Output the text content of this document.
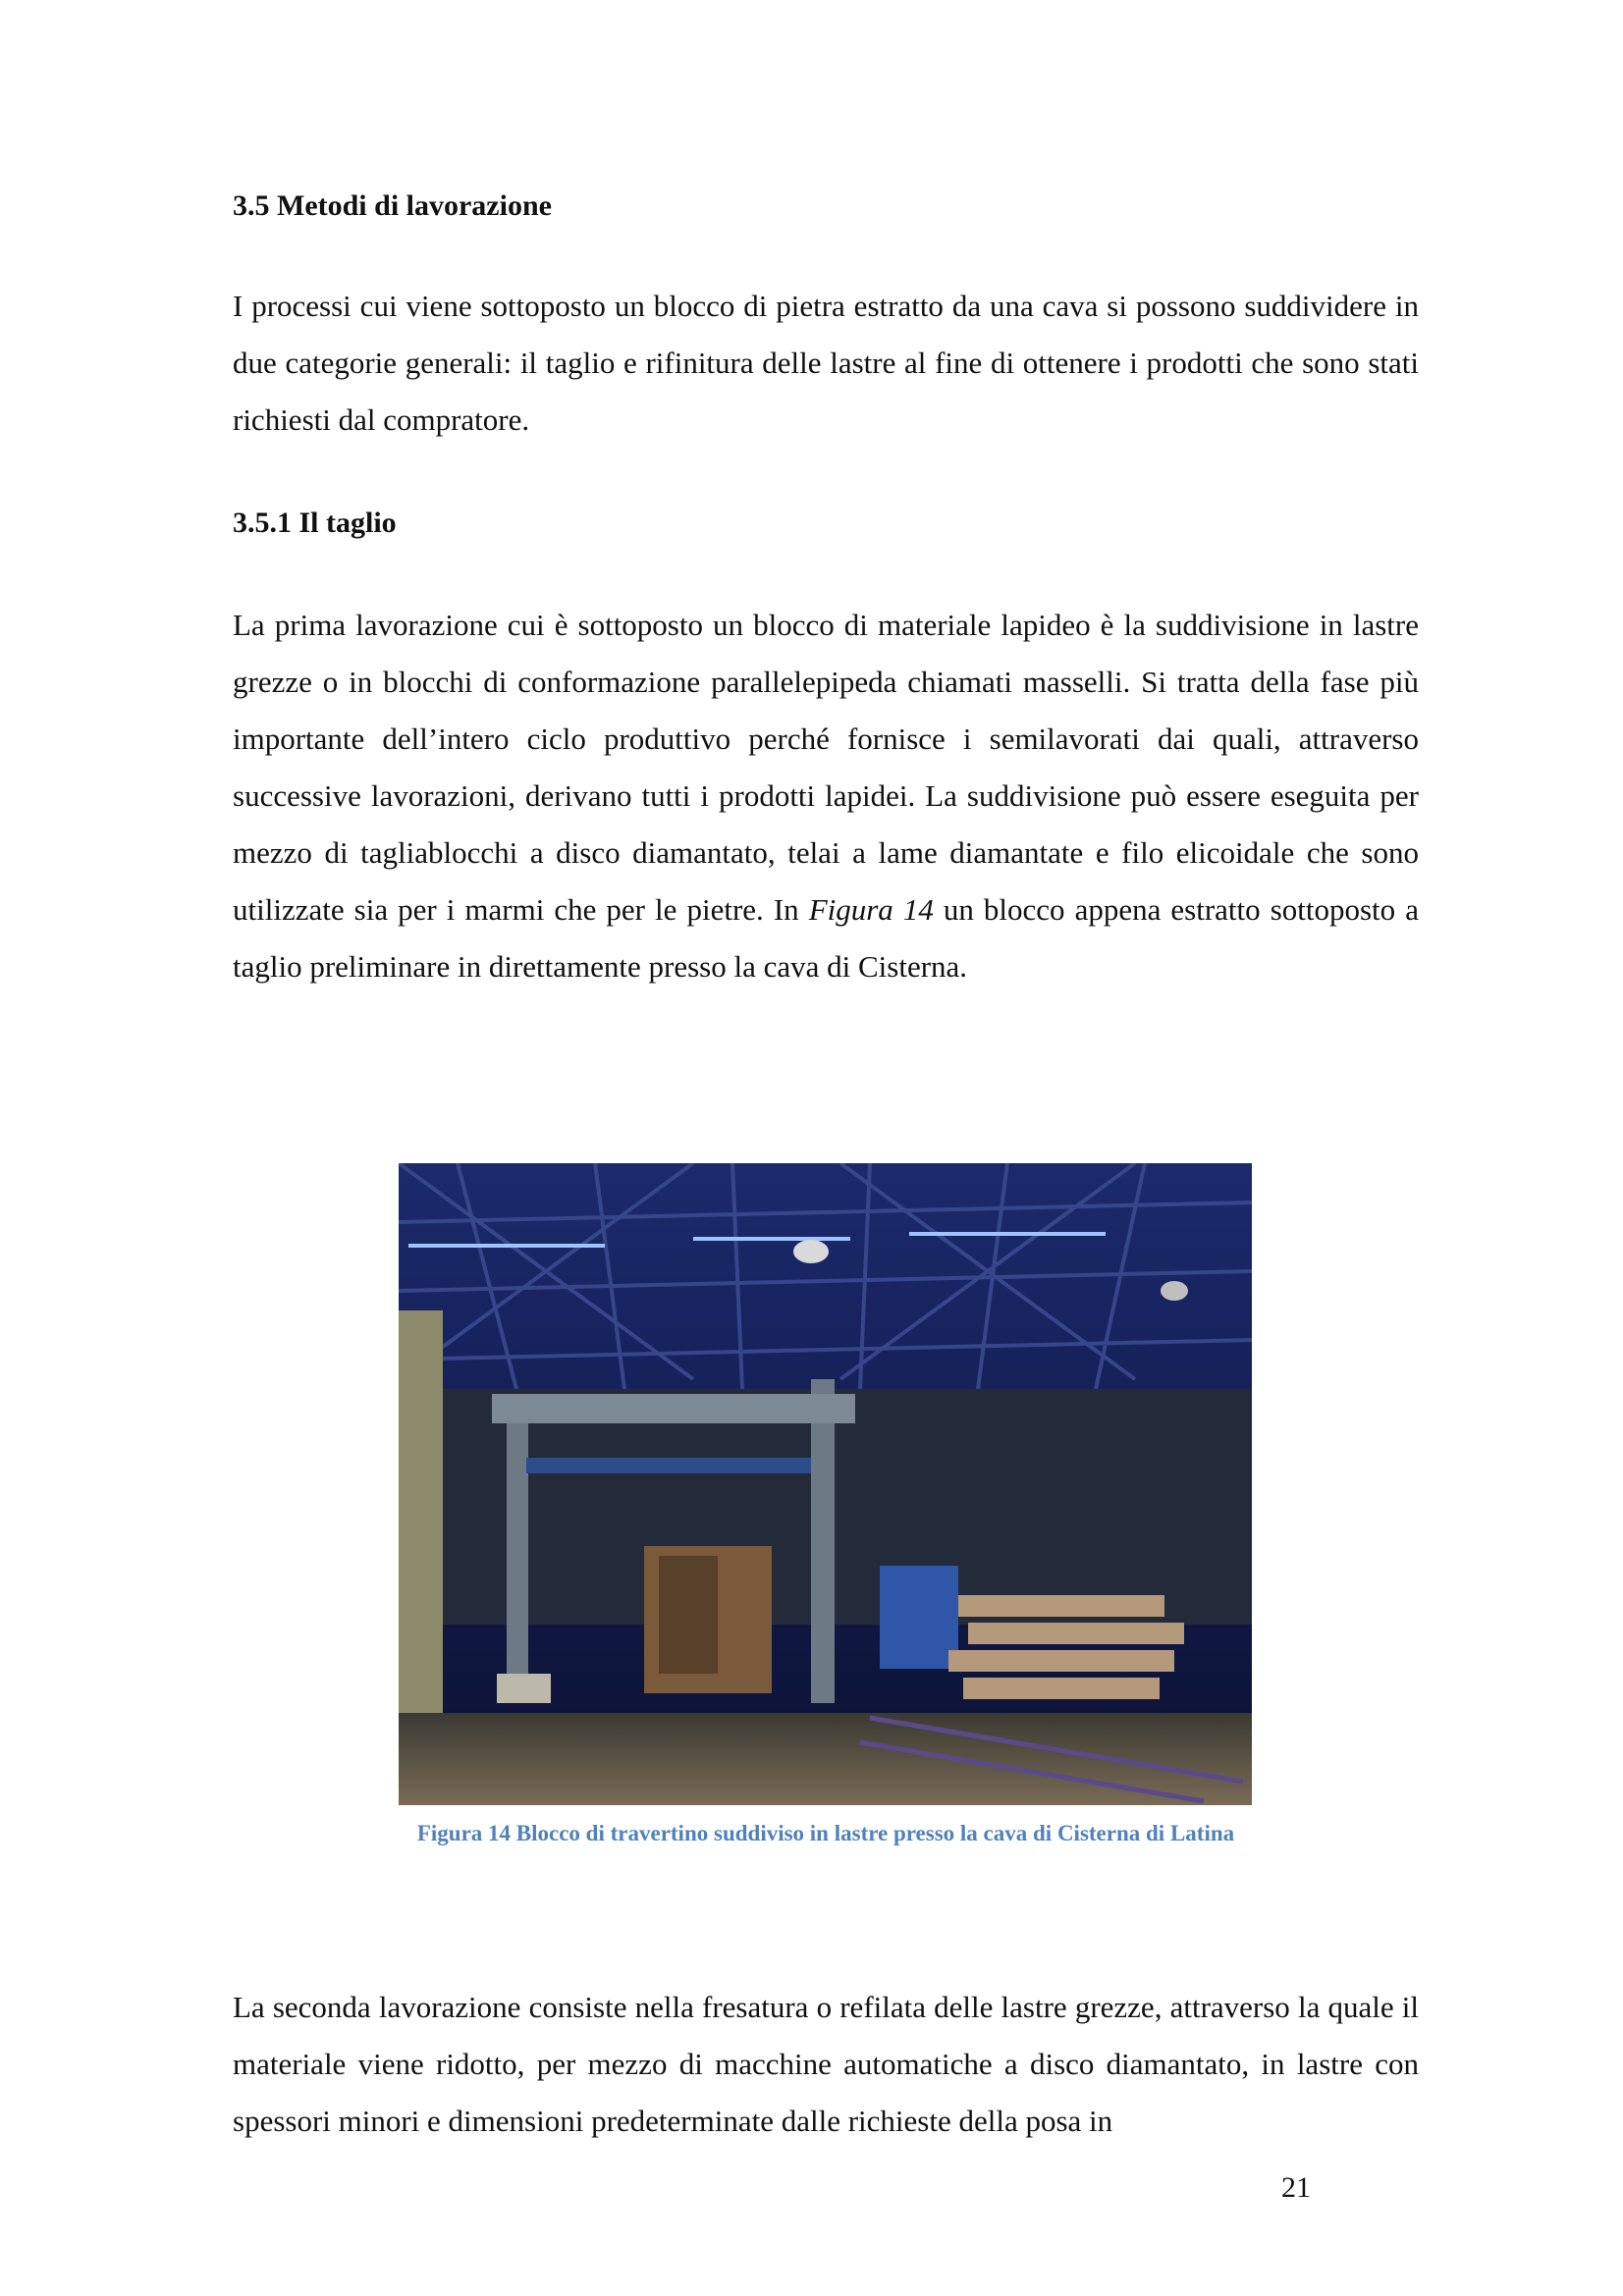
3.5 Metodi di lavorazione

I processi cui viene sottoposto un blocco di pietra estratto da una cava si possono suddividere in due categorie generali: il taglio e rifinitura delle lastre al fine di ottenere i prodotti che sono stati richiesti dal compratore.

3.5.1 Il taglio

La prima lavorazione cui è sottoposto un blocco di materiale lapideo è la suddivisione in lastre grezze o in blocchi di conformazione parallelepipeda chiamati masselli. Si tratta della fase più importante dell’intero ciclo produttivo perché fornisce i semilavorati dai quali, attraverso successive lavorazioni, derivano tutti i prodotti lapidei. La suddivisione può essere eseguita per mezzo di tagliablocchi a disco diamantato, telai a lame diamantate e filo elicoidale che sono utilizzate sia per i marmi che per le pietre. In Figura 14 un blocco appena estratto sottoposto a taglio preliminare in direttamente presso la cava di Cisterna.

Figura 14 Blocco di travertino suddiviso in lastre presso la cava di Cisterna di Latina

La seconda lavorazione consiste nella fresatura o refilata delle lastre grezze, attraverso la quale il materiale viene ridotto, per mezzo di macchine automatiche a disco diamantato, in lastre con spessori minori e dimensioni predeterminate dalle richieste della posa in

21
